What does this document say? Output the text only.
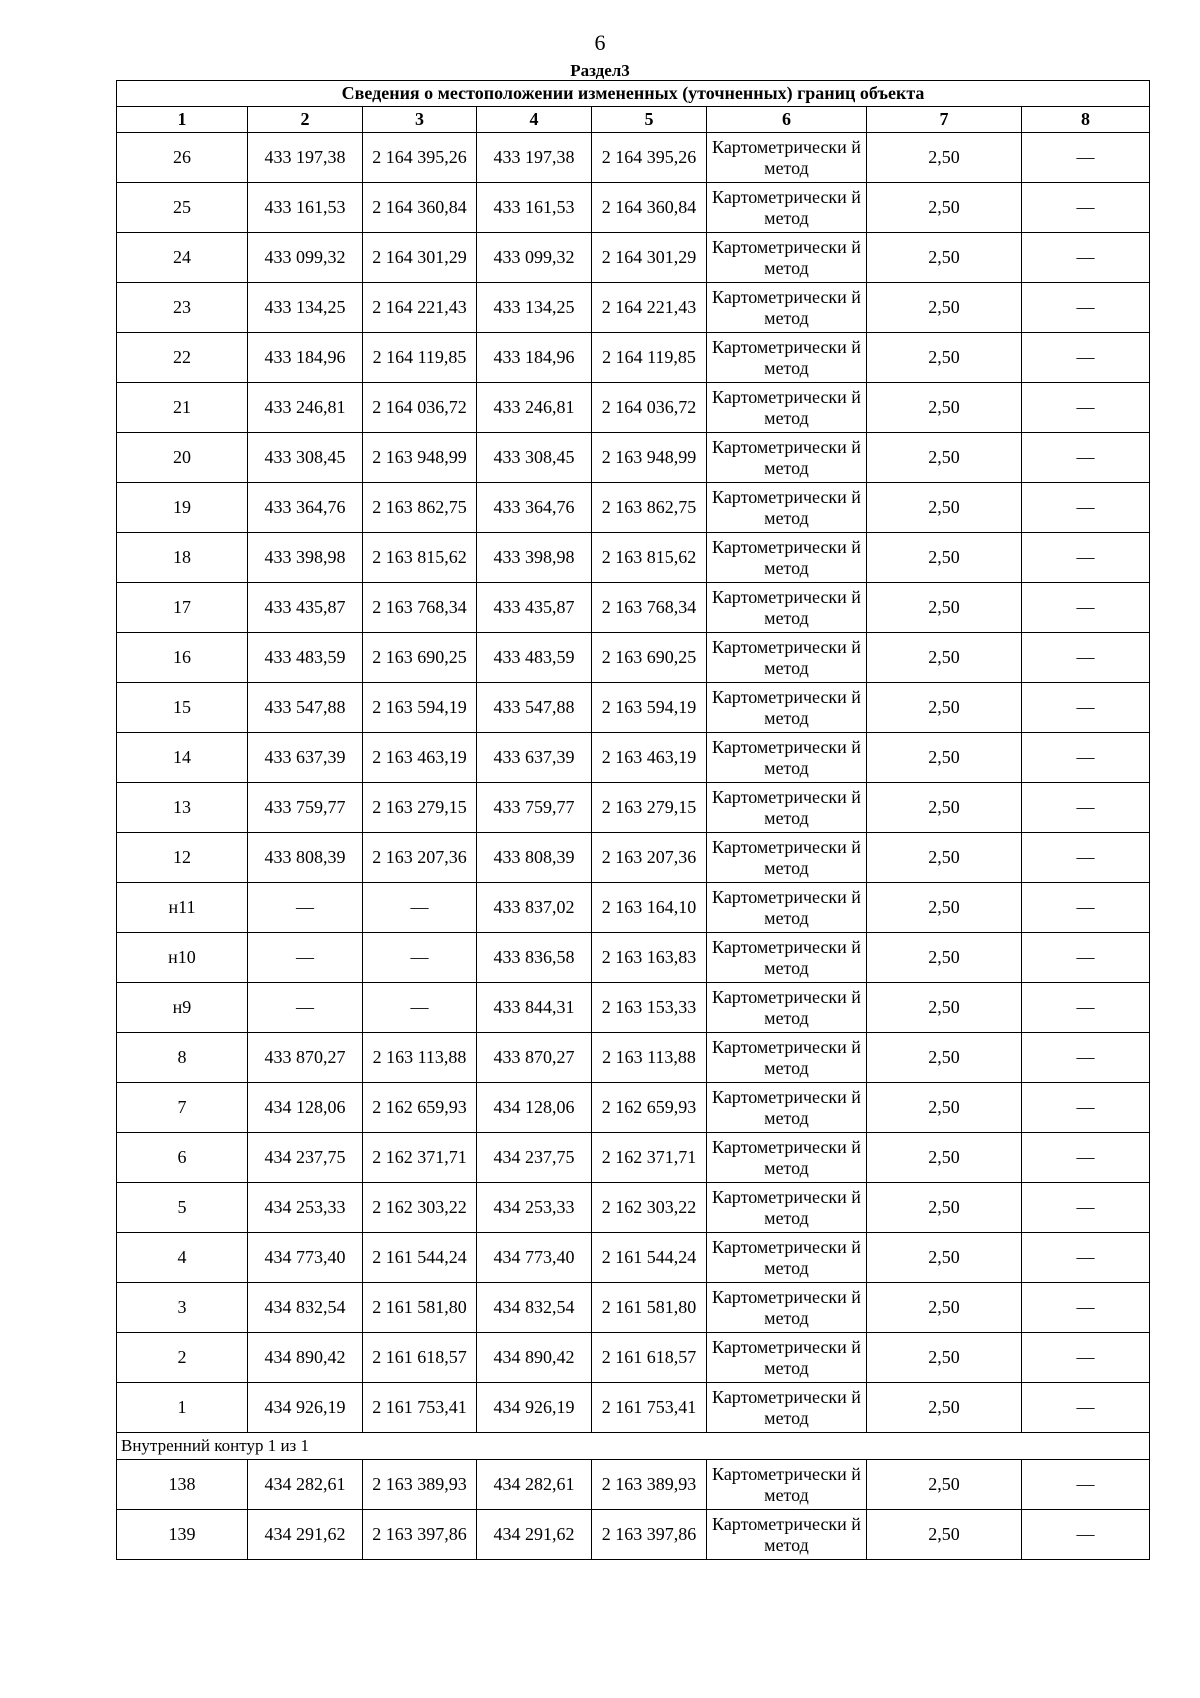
6
Раздел3
Сведения о местоположении измененных (уточненных) границ объекта							
1	2	3	4	5	6	7	8
26	433 197,38	2 164 395,26	433 197,38	2 164 395,26	Картометрически й метод	2,50	—
25	433 161,53	2 164 360,84	433 161,53	2 164 360,84	Картометрически й метод	2,50	—
24	433 099,32	2 164 301,29	433 099,32	2 164 301,29	Картометрически й метод	2,50	—
23	433 134,25	2 164 221,43	433 134,25	2 164 221,43	Картометрически й метод	2,50	—
22	433 184,96	2 164 119,85	433 184,96	2 164 119,85	Картометрически й метод	2,50	—
21	433 246,81	2 164 036,72	433 246,81	2 164 036,72	Картометрически й метод	2,50	—
20	433 308,45	2 163 948,99	433 308,45	2 163 948,99	Картометрически й метод	2,50	—
19	433 364,76	2 163 862,75	433 364,76	2 163 862,75	Картометрически й метод	2,50	—
18	433 398,98	2 163 815,62	433 398,98	2 163 815,62	Картометрически й метод	2,50	—
17	433 435,87	2 163 768,34	433 435,87	2 163 768,34	Картометрически й метод	2,50	—
16	433 483,59	2 163 690,25	433 483,59	2 163 690,25	Картометрически й метод	2,50	—
15	433 547,88	2 163 594,19	433 547,88	2 163 594,19	Картометрически й метод	2,50	—
14	433 637,39	2 163 463,19	433 637,39	2 163 463,19	Картометрически й метод	2,50	—
13	433 759,77	2 163 279,15	433 759,77	2 163 279,15	Картометрически й метод	2,50	—
12	433 808,39	2 163 207,36	433 808,39	2 163 207,36	Картометрически й метод	2,50	—
н11	—	—	433 837,02	2 163 164,10	Картометрически й метод	2,50	—
н10	—	—	433 836,58	2 163 163,83	Картометрически й метод	2,50	—
н9	—	—	433 844,31	2 163 153,33	Картометрически й метод	2,50	—
8	433 870,27	2 163 113,88	433 870,27	2 163 113,88	Картометрически й метод	2,50	—
7	434 128,06	2 162 659,93	434 128,06	2 162 659,93	Картометрически й метод	2,50	—
6	434 237,75	2 162 371,71	434 237,75	2 162 371,71	Картометрически й метод	2,50	—
5	434 253,33	2 162 303,22	434 253,33	2 162 303,22	Картометрически й метод	2,50	—
4	434 773,40	2 161 544,24	434 773,40	2 161 544,24	Картометрически й метод	2,50	—
3	434 832,54	2 161 581,80	434 832,54	2 161 581,80	Картометрически й метод	2,50	—
2	434 890,42	2 161 618,57	434 890,42	2 161 618,57	Картометрически й метод	2,50	—
1	434 926,19	2 161 753,41	434 926,19	2 161 753,41	Картометрически й метод	2,50	—
Внутренний контур 1 из 1							
138	434 282,61	2 163 389,93	434 282,61	2 163 389,93	Картометрически й метод	2,50	—
139	434 291,62	2 163 397,86	434 291,62	2 163 397,86	Картометрически й метод	2,50	—
